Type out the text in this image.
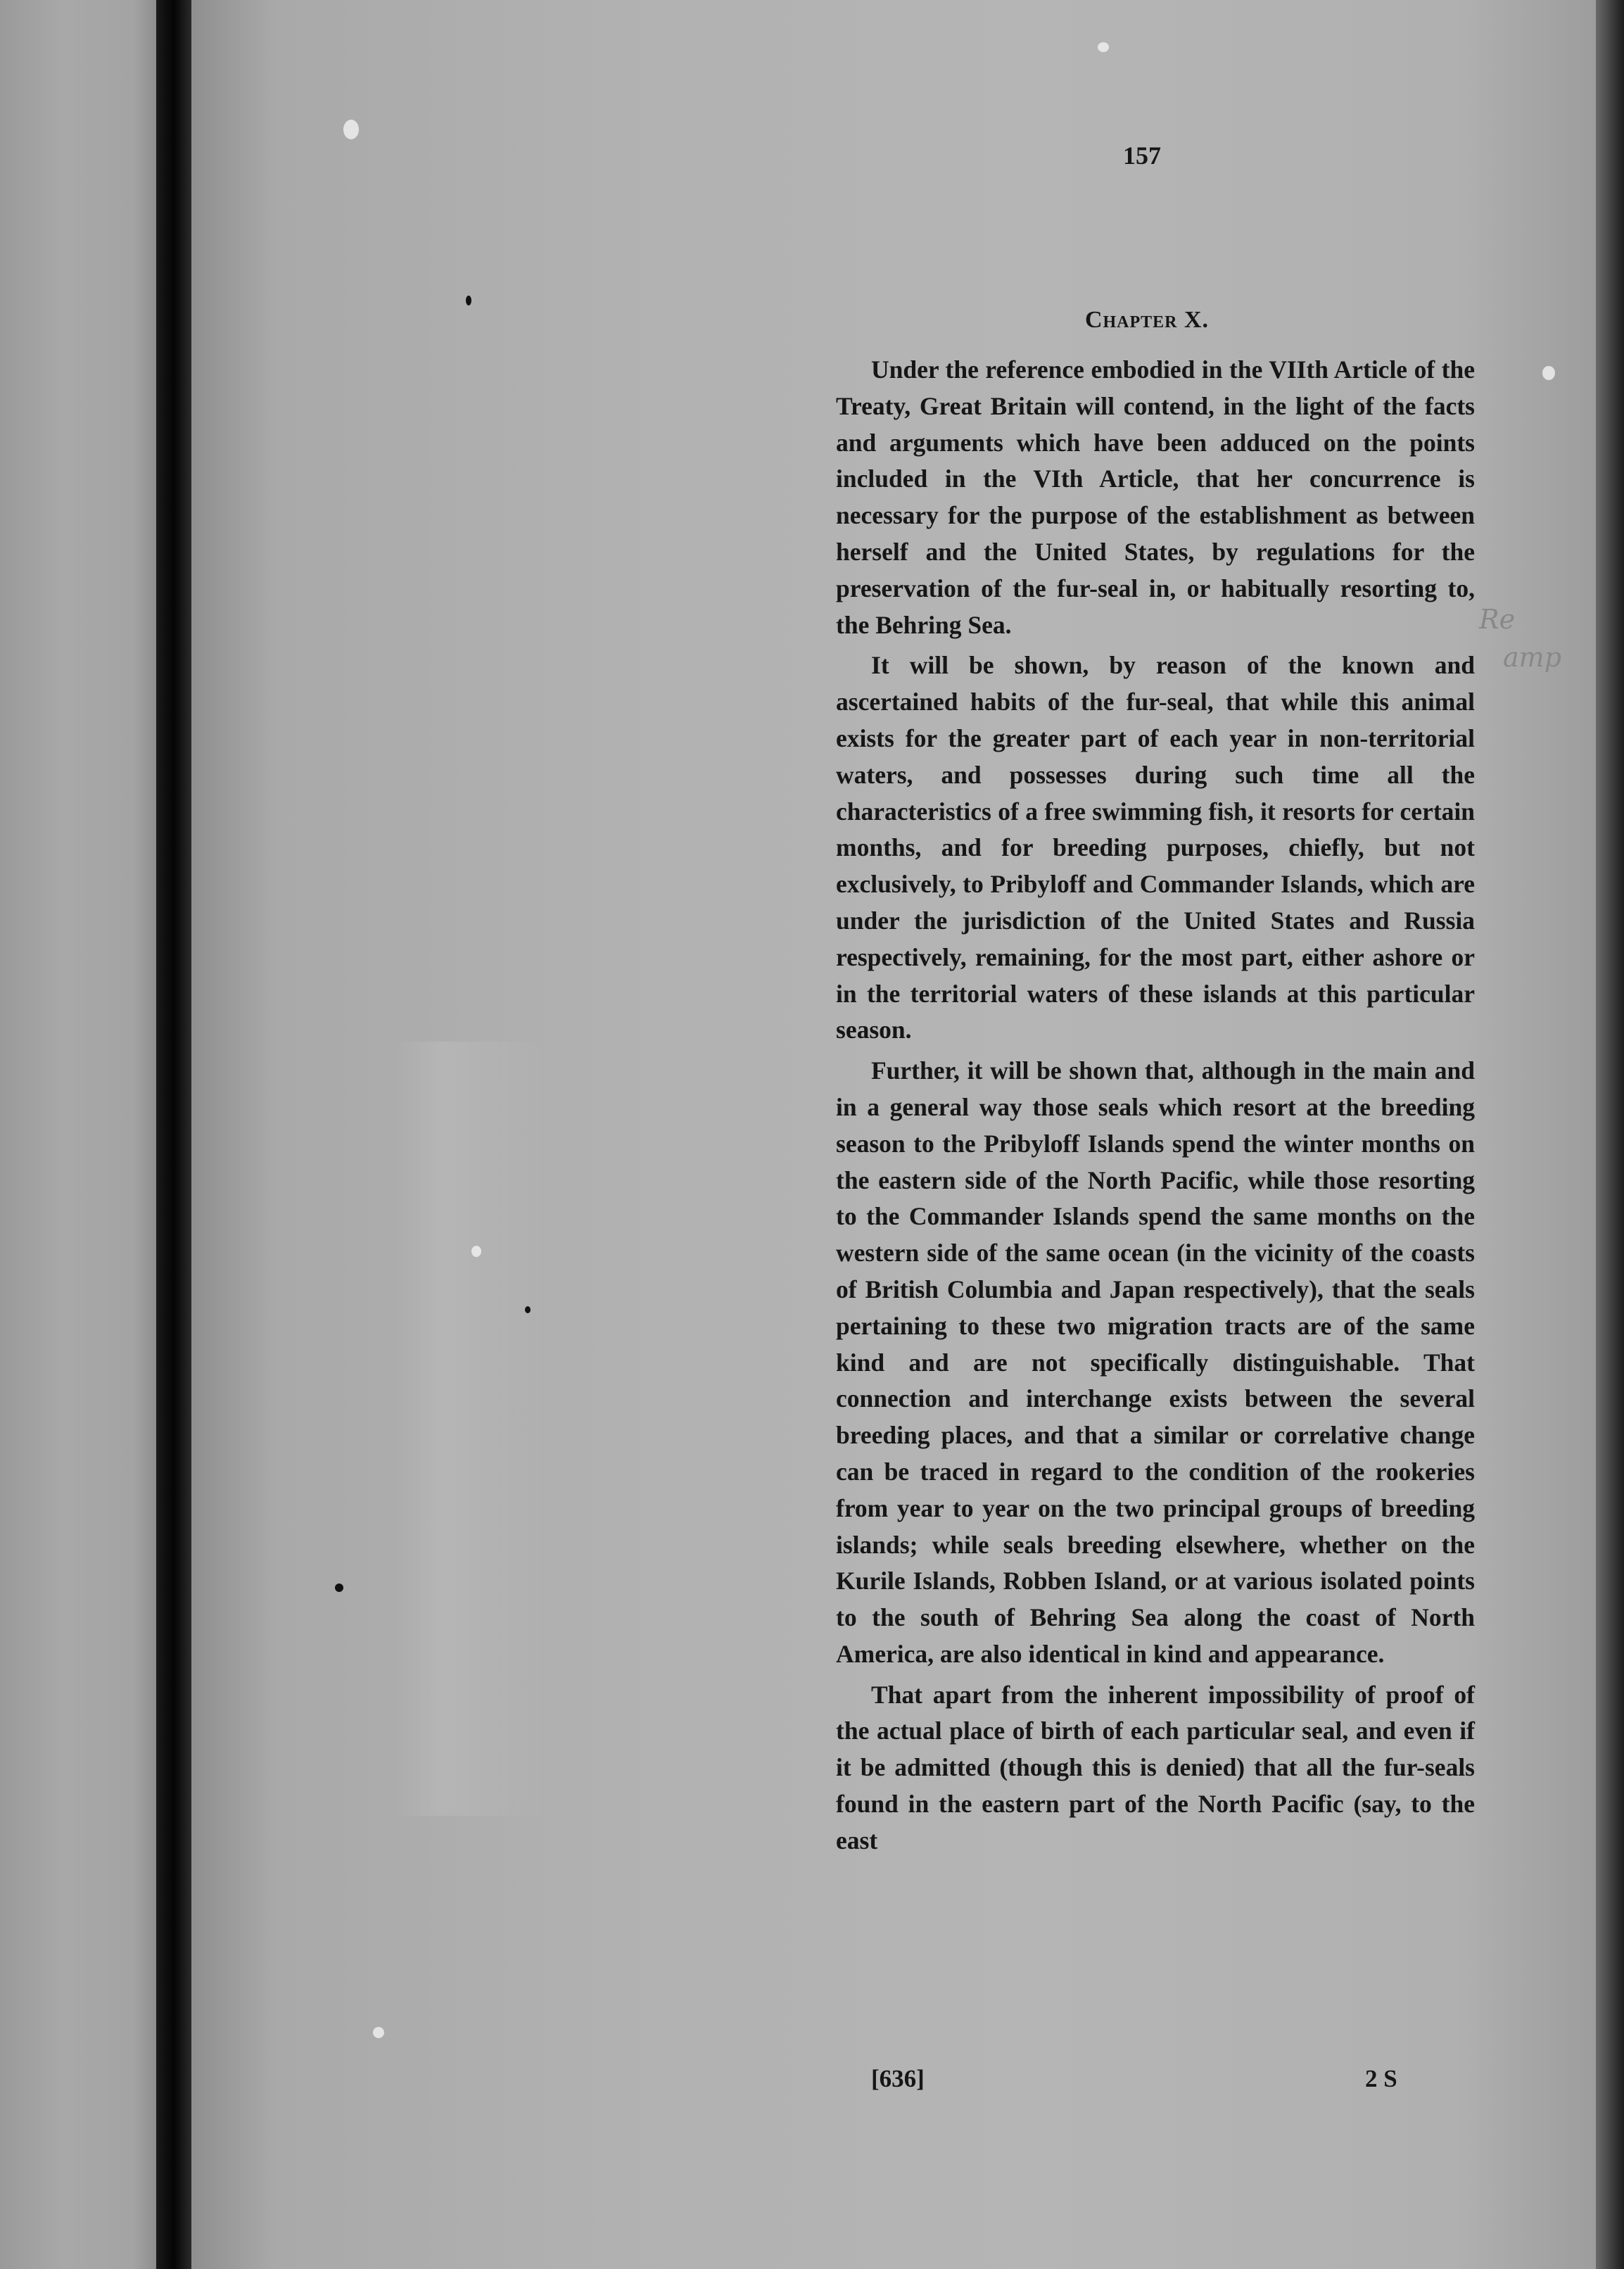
157
Chapter X.

Under the reference embodied in the VIIth Article of the Treaty, Great Britain will contend, in the light of the facts and arguments which have been adduced on the points included in the VIth Article, that her concurrence is necessary for the purpose of the establishment as between herself and the United States, by regulations for the preservation of the fur-seal in, or habitually resorting to, the Behring Sea.

It will be shown, by reason of the known and ascertained habits of the fur-seal, that while this animal exists for the greater part of each year in non-territorial waters, and possesses during such time all the characteristics of a free swimming fish, it resorts for certain months, and for breeding purposes, chiefly, but not exclusively, to Pribyloff and Commander Islands, which are under the jurisdiction of the United States and Russia respectively, remaining, for the most part, either ashore or in the territorial waters of these islands at this particular season.

Further, it will be shown that, although in the main and in a general way those seals which resort at the breeding season to the Pribyloff Islands spend the winter months on the eastern side of the North Pacific, while those resorting to the Commander Islands spend the same months on the western side of the same ocean (in the vicinity of the coasts of British Columbia and Japan respectively), that the seals pertaining to these two migration tracts are of the same kind and are not specifically distinguishable. That connection and interchange exists between the several breeding places, and that a similar or correlative change can be traced in regard to the condition of the rookeries from year to year on the two principal groups of breeding islands; while seals breeding elsewhere, whether on the Kurile Islands, Robben Island, or at various isolated points to the south of Behring Sea along the coast of North America, are also identical in kind and appearance.

That apart from the inherent impossibility of proof of the actual place of birth of each particular seal, and even if it be admitted (though this is denied) that all the fur-seals found in the eastern part of the North Pacific (say, to the east

Re
amp
[636]	2 S
